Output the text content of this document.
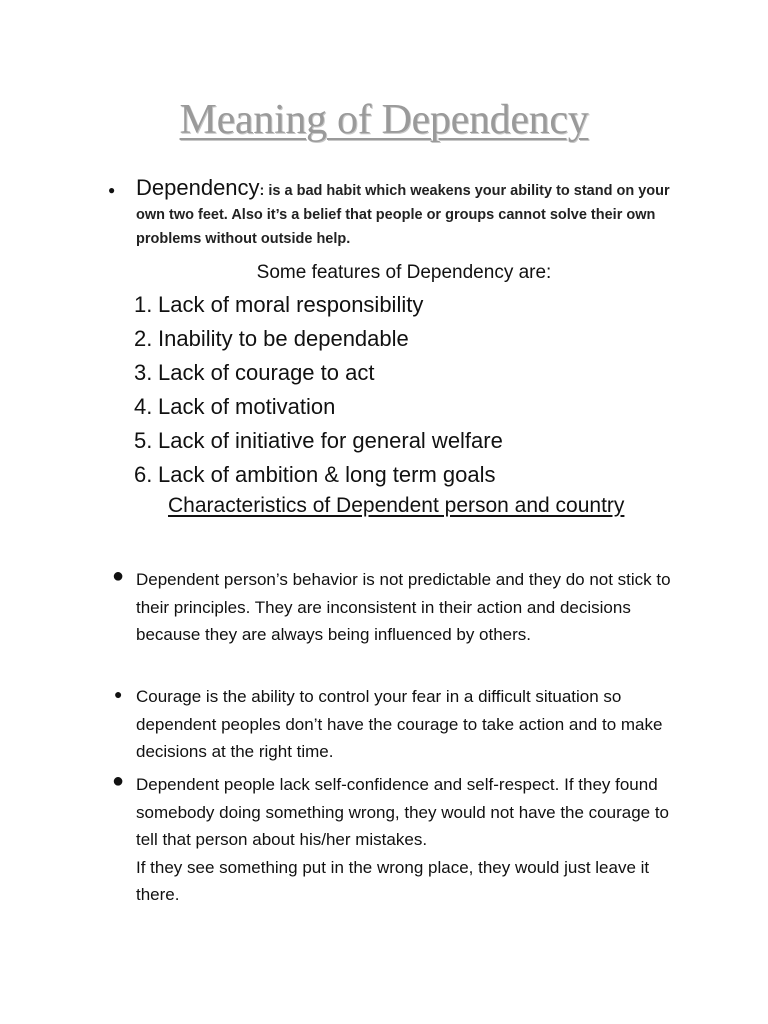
Meaning of Dependency
● Dependency: is a bad habit which weakens your ability to stand on your own two feet. Also it’s a belief that people or groups cannot solve their own problems without outside help.

Some features of Dependency are:
1. Lack of moral responsibility
2. Inability to be dependable
3. Lack of courage to act
4. Lack of motivation
5. Lack of initiative for general welfare
6. Lack of ambition & long term goals
Characteristics of Dependent person and country
● Dependent person’s behavior is not predictable and they do not stick to their principles. They are inconsistent in their action and decisions because they are always being influenced by others.

● Courage is the ability to control your fear in a difficult situation so dependent peoples don’t have the courage to take action and to make decisions at the right time.

● Dependent people lack self-confidence and self-respect. If they found somebody doing something wrong, they would not have the courage to tell that person about his/her mistakes.
If they see something put in the wrong place, they would just leave it there.
